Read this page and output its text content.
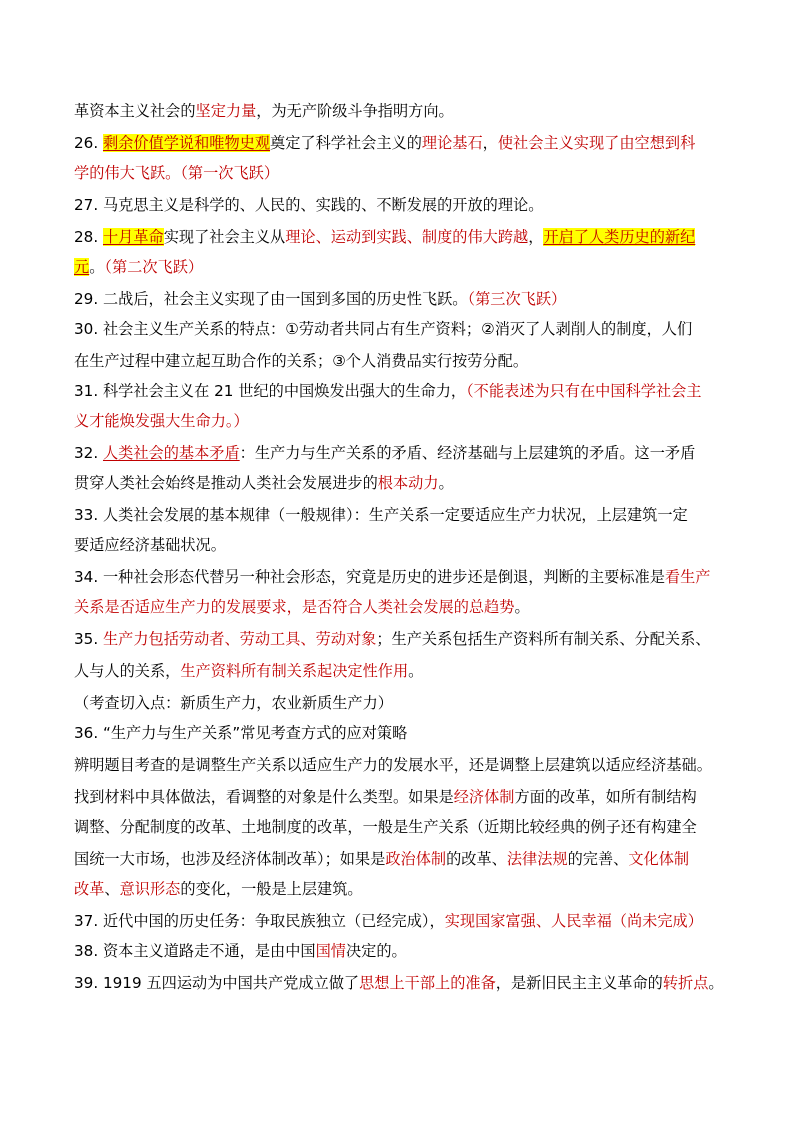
革资本主义社会的坚定力量，为无产阶级斗争指明方向。
26. 剩余价值学说和唯物史观奠定了科学社会主义的理论基石，使社会主义实现了由空想到科
学的伟大飞跃。（第一次飞跃）
27. 马克思主义是科学的、人民的、实践的、不断发展的开放的理论。
28. 十月革命实现了社会主义从理论、运动到实践、制度的伟大跨越，开启了人类历史的新纪
元。（第二次飞跃）
29. 二战后，社会主义实现了由一国到多国的历史性飞跃。（第三次飞跃）
30. 社会主义生产关系的特点：①劳动者共同占有生产资料；②消灭了人剥削人的制度，人们
在生产过程中建立起互助合作的关系；③个人消费品实行按劳分配。
31. 科学社会主义在 21 世纪的中国焕发出强大的生命力，（不能表述为只有在中国科学社会主
义才能焕发强大生命力。）
32. 人类社会的基本矛盾：生产力与生产关系的矛盾、经济基础与上层建筑的矛盾。这一矛盾
贯穿人类社会始终是推动人类社会发展进步的根本动力。
33. 人类社会发展的基本规律（一般规律）：生产关系一定要适应生产力状况，上层建筑一定
要适应经济基础状况。
34. 一种社会形态代替另一种社会形态，究竟是历史的进步还是倒退，判断的主要标准是看生产
关系是否适应生产力的发展要求，是否符合人类社会发展的总趋势。
35. 生产力包括劳动者、劳动工具、劳动对象；生产关系包括生产资料所有制关系、分配关系、
人与人的关系，生产资料所有制关系起决定性作用。
（考查切入点：新质生产力，农业新质生产力）
36. “生产力与生产关系”常见考查方式的应对策略
辨明题目考查的是调整生产关系以适应生产力的发展水平，还是调整上层建筑以适应经济基础。
找到材料中具体做法，看调整的对象是什么类型。如果是经济体制方面的改革，如所有制结构
调整、分配制度的改革、土地制度的改革，一般是生产关系（近期比较经典的例子还有构建全
国统一大市场，也涉及经济体制改革）；如果是政治体制的改革、法律法规的完善、文化体制
改革、意识形态的变化，一般是上层建筑。
37. 近代中国的历史任务：争取民族独立（已经完成），实现国家富强、人民幸福（尚未完成）
38. 资本主义道路走不通，是由中国国情决定的。
39. 1919 五四运动为中国共产党成立做了思想上干部上的准备，是新旧民主主义革命的转折点。
